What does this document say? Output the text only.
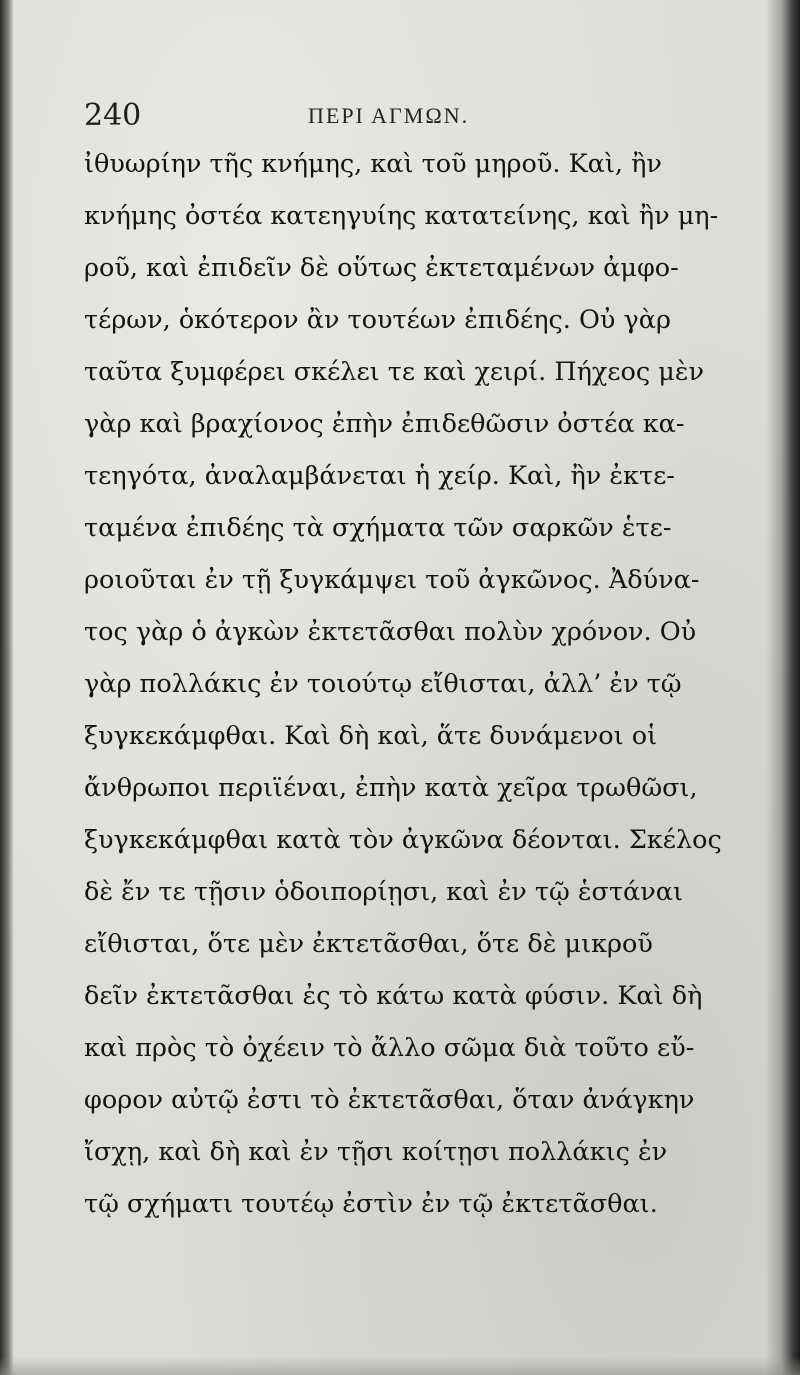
240	ΠΕΡΙ ΑΓΜΩΝ.
ἰθυωρίην τῆς κνήμης, καὶ τοῦ μηροῦ. Καὶ, ἢν
κνήμης ὀστέα κατεηγυίης κατατείνης, καὶ ἢν μη-
ροῦ, καὶ ἐπιδεῖν δὲ οὕτως ἐκτεταμένων ἀμφο-
τέρων, ὁκότερον ἂν τουτέων ἐπιδέης. Οὐ γὰρ
ταῦτα ξυμφέρει σκέλει τε καὶ χειρί. Πήχεος μὲν
γὰρ καὶ βραχίονος ἐπὴν ἐπιδεθῶσιν ὀστέα κα-
τεηγότα, ἀναλαμβάνεται ἡ χείρ. Καὶ, ἢν ἐκτε-
ταμένα ἐπιδέης τὰ σχήματα τῶν σαρκῶν ἑτε-
ροιοῦται ἐν τῇ ξυγκάμψει τοῦ ἀγκῶνος. Ἀδύνα-
τος γὰρ ὁ ἀγκὼν ἐκτετᾶσθαι πολὺν χρόνον. Οὐ
γὰρ πολλάκις ἐν τοιούτῳ εἴθισται, ἀλλ’ ἐν τῷ
ξυγκεκάμφθαι. Καὶ δὴ καὶ, ἅτε δυνάμενοι οἱ
ἄνθρωποι περιϊέναι, ἐπὴν κατὰ χεῖρα τρωθῶσι,
ξυγκεκάμφθαι κατὰ τὸν ἀγκῶνα δέονται. Σκέλος
δὲ ἔν τε τῇσιν ὁδοιπορίῃσι, καὶ ἐν τῷ ἑστάναι
εἴθισται, ὅτε μὲν ἐκτετᾶσθαι, ὅτε δὲ μικροῦ
δεῖν ἐκτετᾶσθαι ἐς τὸ κάτω κατὰ φύσιν. Καὶ δὴ
καὶ πρὸς τὸ ὀχέειν τὸ ἄλλο σῶμα διὰ τοῦτο εὔ-
φορον αὐτῷ ἐστι τὸ ἐκτετᾶσθαι, ὅταν ἀνάγκην
ἴσχῃ, καὶ δὴ καὶ ἐν τῇσι κοίτῃσι πολλάκις ἐν
τῷ σχήματι τουτέῳ ἐστὶν ἐν τῷ ἐκτετᾶσθαι.
